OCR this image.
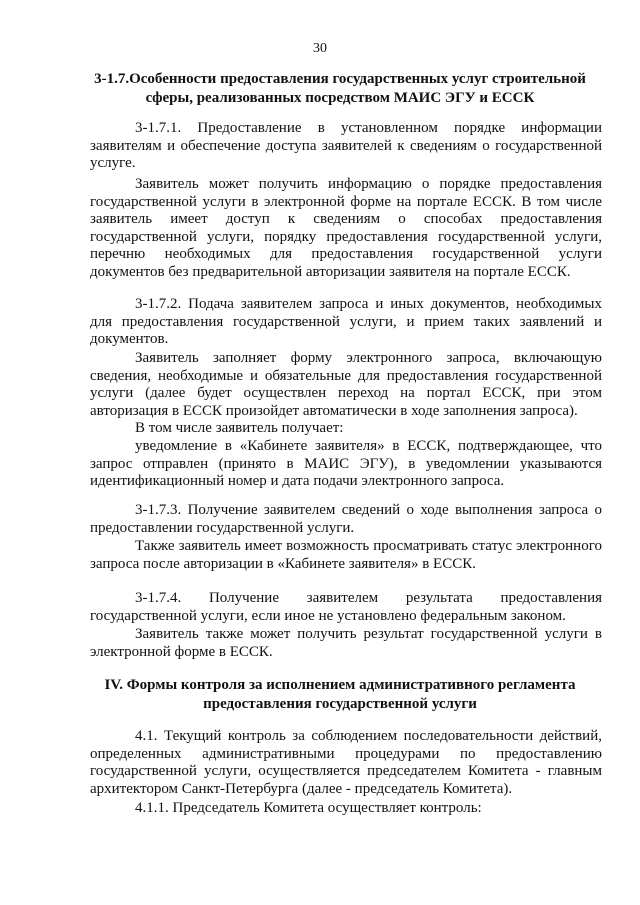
30
3-1.7.Особенности предоставления государственных услуг строительной сферы, реализованных посредством МАИС ЭГУ и ЕССК
3-1.7.1. Предоставление в установленном порядке информации заявителям и обеспечение доступа заявителей к сведениям о государственной услуге.
Заявитель может получить информацию о порядке предоставления государственной услуги в электронной форме на портале ЕССК. В том числе заявитель имеет доступ к сведениям о способах предоставления государственной услуги, порядку предоставления государственной услуги, перечню необходимых для предоставления государственной услуги документов без предварительной авторизации заявителя на портале ЕССК.
3-1.7.2. Подача заявителем запроса и иных документов, необходимых для предоставления государственной услуги, и прием таких заявлений и документов.
Заявитель заполняет форму электронного запроса, включающую сведения, необходимые и обязательные для предоставления государственной услуги (далее будет осуществлен переход на портал ЕССК, при этом авторизация в ЕССК произойдет автоматически в ходе заполнения запроса).
В том числе заявитель получает:
уведомление в «Кабинете заявителя» в ЕССК, подтверждающее, что запрос отправлен (принято в МАИС ЭГУ), в уведомлении указываются идентификационный номер и дата подачи электронного запроса.
3-1.7.3. Получение заявителем сведений о ходе выполнения запроса о предоставлении государственной услуги.
Также заявитель имеет возможность просматривать статус электронного запроса после авторизации в «Кабинете заявителя» в ЕССК.
3-1.7.4. Получение заявителем результата предоставления государственной услуги, если иное не установлено федеральным законом.
Заявитель также может получить результат государственной услуги в электронной форме в ЕССК.
IV. Формы контроля за исполнением административного регламента предоставления государственной услуги
4.1. Текущий контроль за соблюдением последовательности действий, определенных административными процедурами по предоставлению государственной услуги, осуществляется председателем Комитета - главным архитектором Санкт-Петербурга (далее - председатель Комитета).
4.1.1. Председатель Комитета осуществляет контроль:
